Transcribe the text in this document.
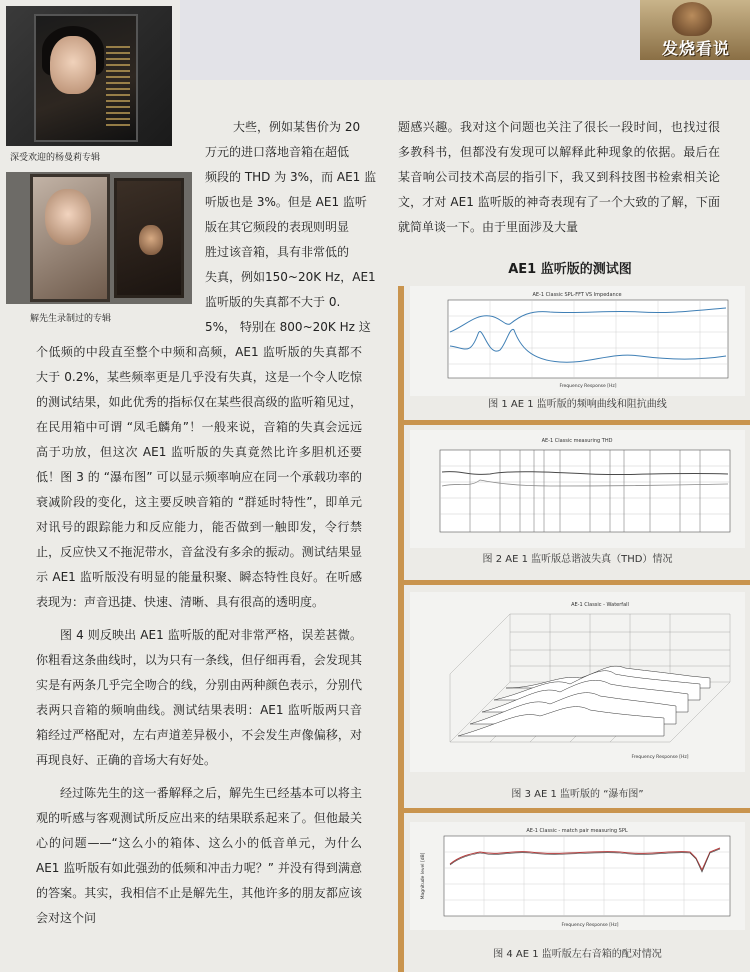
发烧看说
深受欢迎的杨曼莉专辑
解先生录制过的专辑
大些，例如某售价为 20
万元的进口落地音箱在超低
频段的 THD 为 3%，而 AE1 监
听版也是 3%。但是 AE1 监听
版在其它频段的表现则明显
胜过该音箱，具有非常低的
失真，例如150~20K Hz，AE1
监听版的失真都不大于 0.
5%， 特别在 800~20K Hz 这

个低频的中段直至整个中频和高频，AE1 监听版的失真都不大于 0.2%，某些频率更是几乎没有失真，这是一个令人吃惊的测试结果，如此优秀的指标仅在某些很高级的监听箱见过，在民用箱中可谓 “凤毛麟角”！一般来说，音箱的失真会远远高于功放，但这次 AE1 监听版的失真竟然比许多胆机还要低！图 3 的 “瀑布图” 可以显示频率响应在同一个承载功率的衰减阶段的变化，这主要反映音箱的 “群延时特性”，即单元对讯号的跟踪能力和反应能力，能否做到一触即发，令行禁止，反应快又不拖泥带水，音盆没有多余的振动。测试结果显示 AE1 监听版没有明显的能量积聚、瞬态特性良好。在听感表现为：声音迅捷、快速、清晰、具有很高的透明度。

图 4 则反映出 AE1 监听版的配对非常严格，误差甚微。你粗看这条曲线时，以为只有一条线，但仔细再看，会发现其实是有两条几乎完全吻合的线，分别由两种颜色表示，分别代表两只音箱的频响曲线。测试结果表明：AE1 监听版两只音箱经过严格配对，左右声道差异极小，不会发生声像偏移，对再现良好、正确的音场大有好处。

经过陈先生的这一番解释之后，解先生已经基本可以将主观的听感与客观测试所反应出来的结果联系起来了。但他最关心的问题——“这么小的箱体、这么小的低音单元，为什么 AE1 监听版有如此强劲的低频和冲击力呢？” 并没有得到满意的答案。其实，我相信不止是解先生，其他许多的朋友都应该会对这个问

题感兴趣。我对这个问题也关注了很长一段时间，也找过很多教科书，但都没有发现可以解释此种现象的依据。最后在某音响公司技术高层的指引下，我又到科技图书检索相关论文，才对 AE1 监听版的神奇表现有了一个大致的了解，下面就简单谈一下。由于里面涉及大量

AE1 监听版的测试图
AE-1 Classic SPL-FFT VS Impedance
Frequency Response [Hz]
图 1 AE 1 监听版的频响曲线和阻抗曲线
AE-1 Classic measuring THD
图 2 AE 1 监听版总谐波失真（THD）情况
AE-1 Classic - Waterfall
Frequency Response [Hz]
图 3 AE 1 监听版的 “瀑布图”
AE-1 Classic - match pair measuring SPL
Frequency Response [Hz]
Magnitude level [dB]
图 4 AE 1 监听版左右音箱的配对情况
